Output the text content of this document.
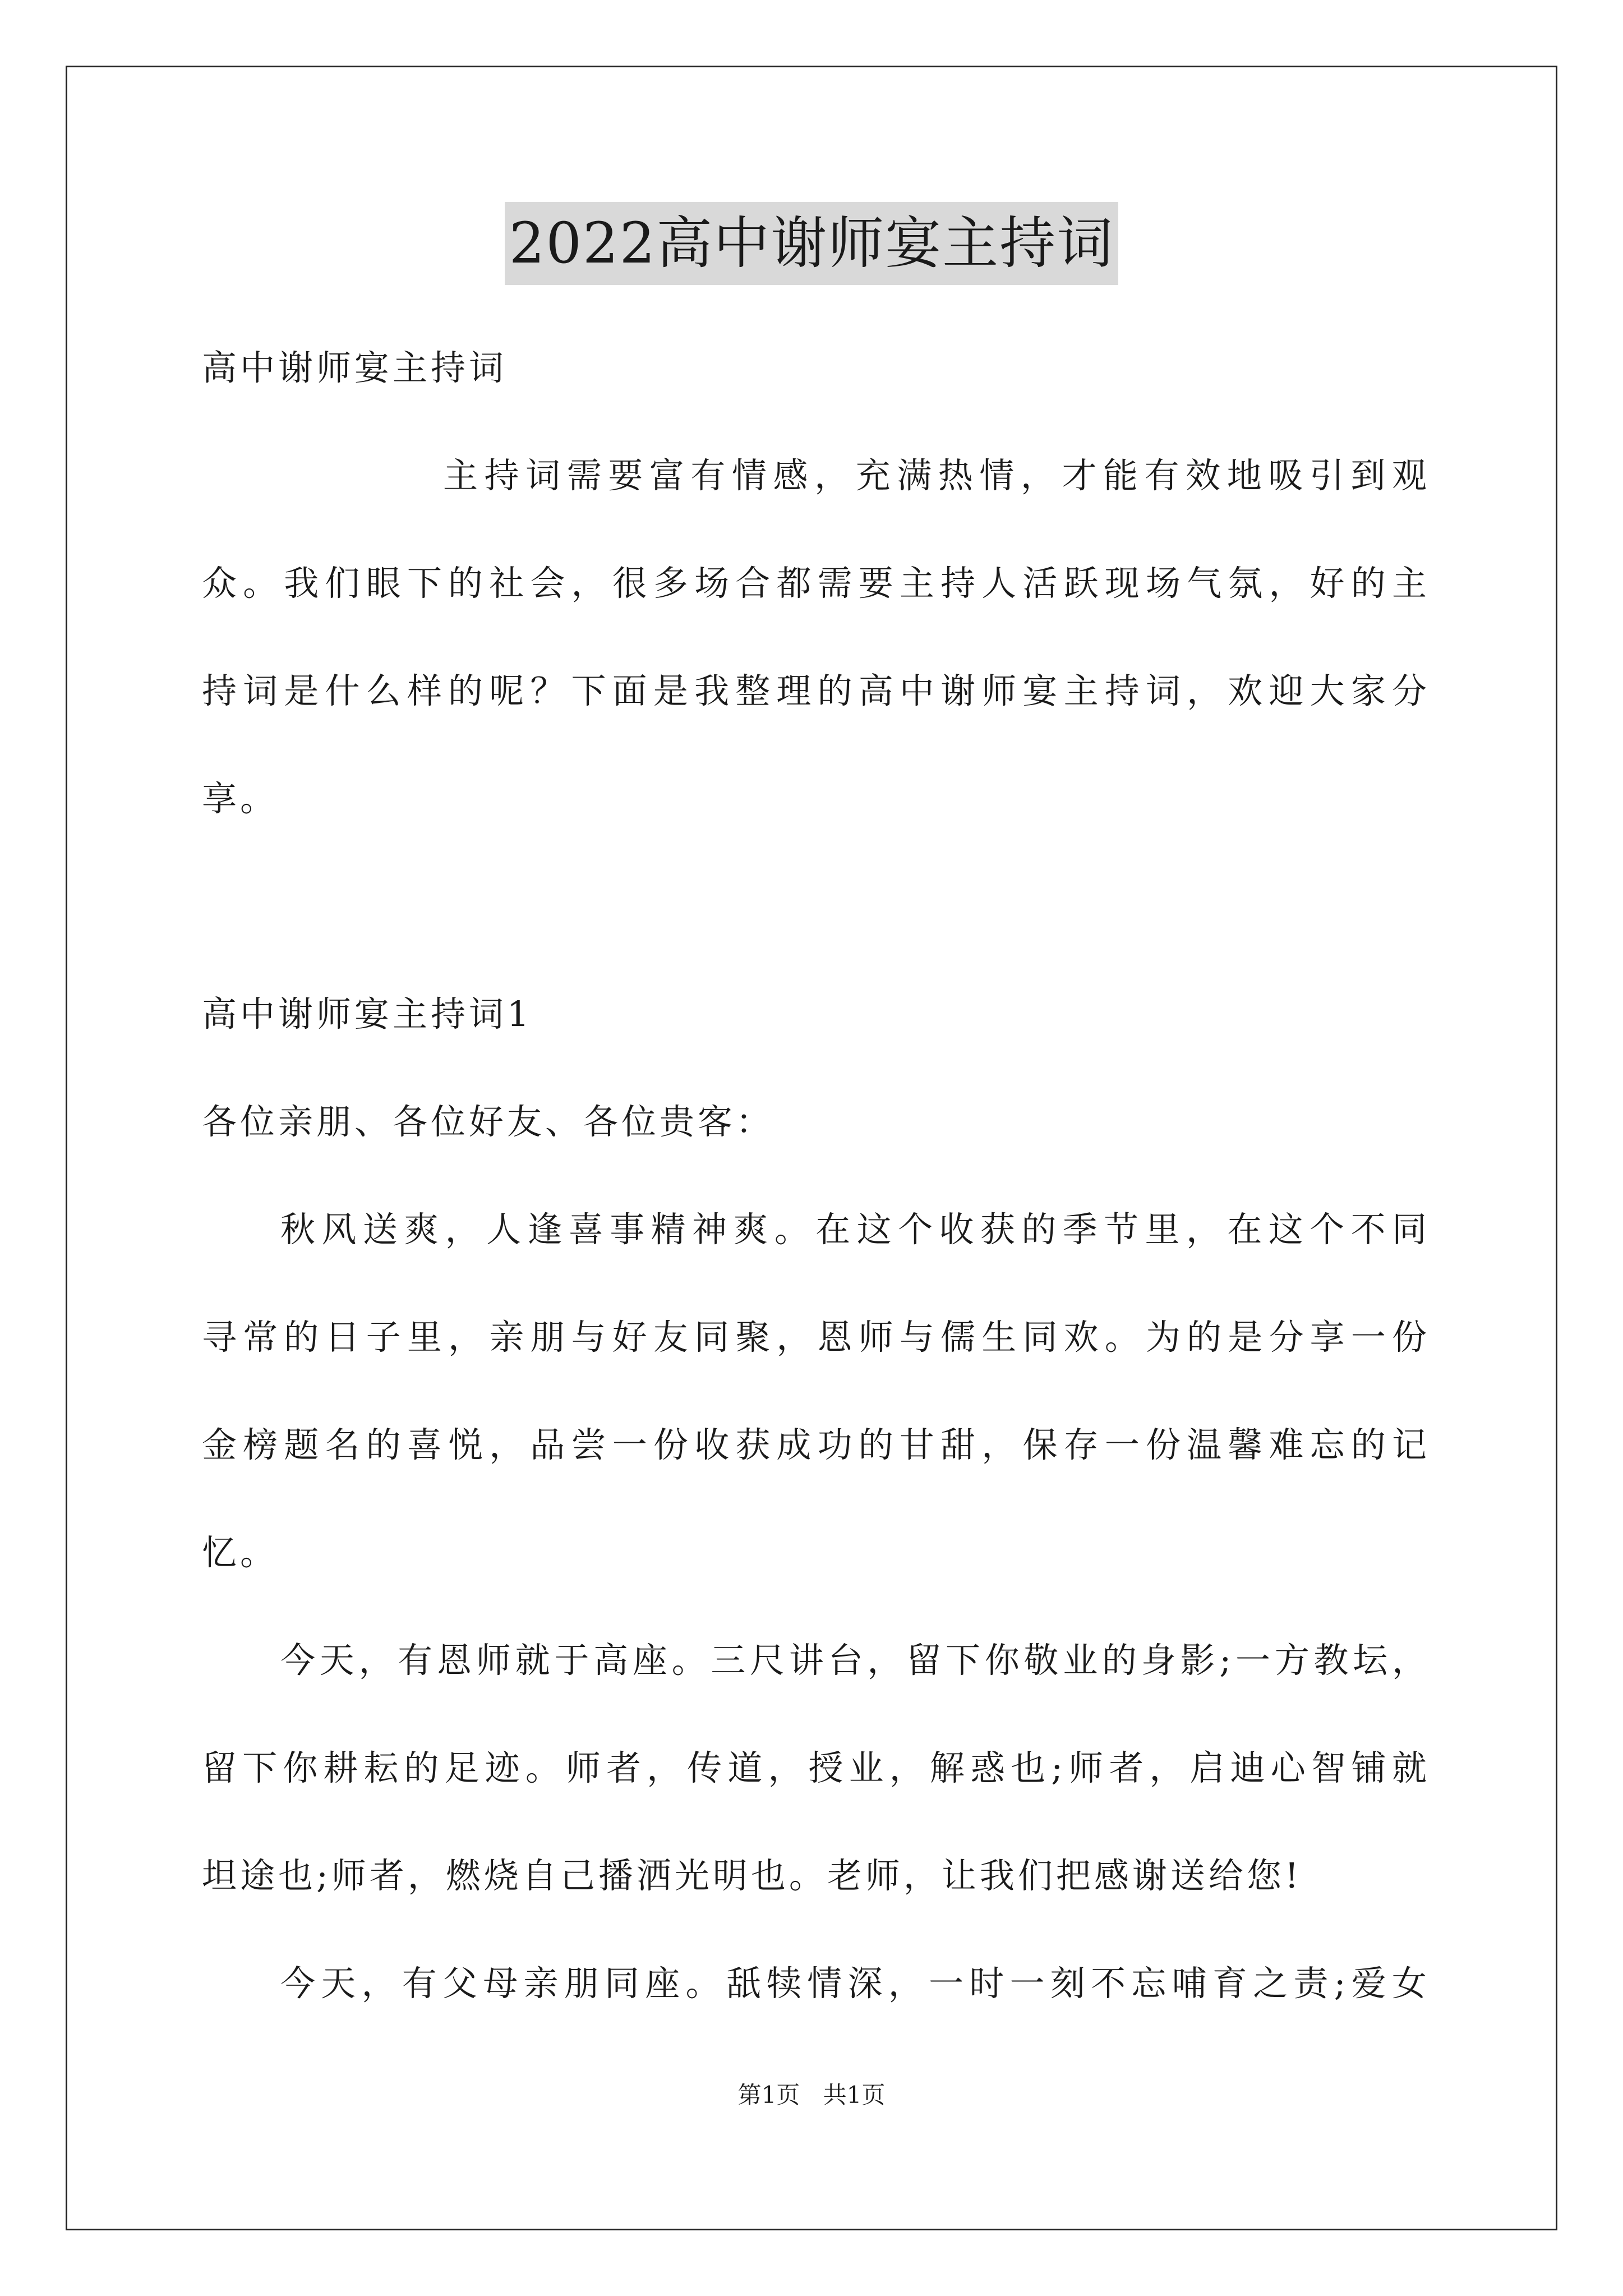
2022高中谢师宴主持词

高中谢师宴主持词

主持词需要富有情感，充满热情，才能有效地吸引到观

众。我们眼下的社会，很多场合都需要主持人活跃现场气氛，好的主

持词是什么样的呢？下面是我整理的高中谢师宴主持词，欢迎大家分

享。

高中谢师宴主持词1

各位亲朋、各位好友、各位贵客：

秋风送爽，人逢喜事精神爽。在这个收获的季节里，在这个不同

寻常的日子里，亲朋与好友同聚，恩师与儒生同欢。为的是分享一份

金榜题名的喜悦，品尝一份收获成功的甘甜，保存一份温馨难忘的记

忆。

今天，有恩师就于高座。三尺讲台，留下你敬业的身影;一方教坛，

留下你耕耘的足迹。师者，传道，授业，解惑也;师者，启迪心智铺就

坦途也;师者，燃烧自己播洒光明也。老师，让我们把感谢送给您!

今天，有父母亲朋同座。舐犊情深，一时一刻不忘哺育之责;爱女

第1页 共1页
